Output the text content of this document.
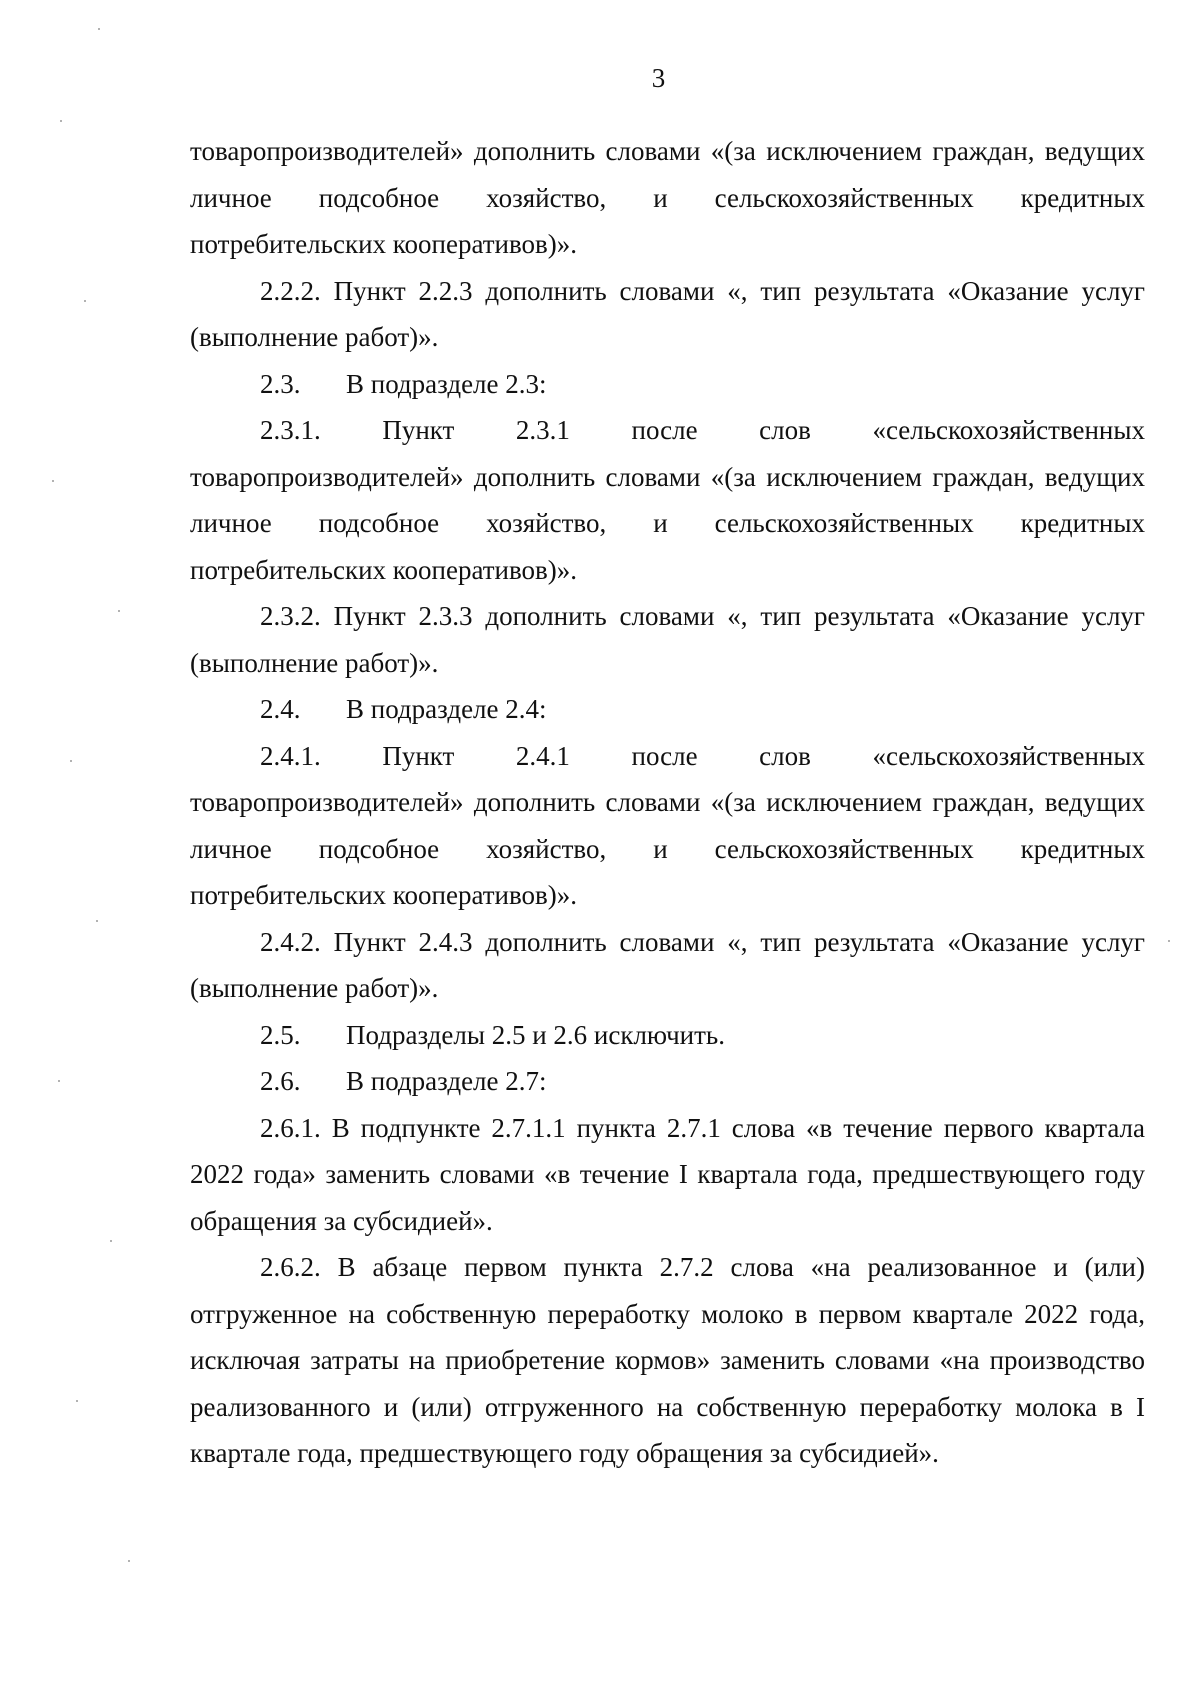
3

товаропроизводителей» дополнить словами «(за исключением граждан, ведущих личное подсобное хозяйство, и сельскохозяйственных кредитных потребительских кооперативов)».

2.2.2. Пункт 2.2.3 дополнить словами «, тип результата «Оказание услуг (выполнение работ)».

2.3. В подразделе 2.3:

2.3.1. Пункт 2.3.1 после слов «сельскохозяйственных товаропроизводителей» дополнить словами «(за исключением граждан, ведущих личное подсобное хозяйство, и сельскохозяйственных кредитных потребительских кооперативов)».

2.3.2. Пункт 2.3.3 дополнить словами «, тип результата «Оказание услуг (выполнение работ)».

2.4. В подразделе 2.4:

2.4.1. Пункт 2.4.1 после слов «сельскохозяйственных товаропроизводителей» дополнить словами «(за исключением граждан, ведущих личное подсобное хозяйство, и сельскохозяйственных кредитных потребительских кооперативов)».

2.4.2. Пункт 2.4.3 дополнить словами «, тип результата «Оказание услуг (выполнение работ)».

2.5. Подразделы 2.5 и 2.6 исключить.

2.6. В подразделе 2.7:

2.6.1. В подпункте 2.7.1.1 пункта 2.7.1 слова «в течение первого квартала 2022 года» заменить словами «в течение I квартала года, предшествующего году обращения за субсидией».

2.6.2. В абзаце первом пункта 2.7.2 слова «на реализованное и (или) отгруженное на собственную переработку молоко в первом квартале 2022 года, исключая затраты на приобретение кормов» заменить словами «на производство реализованного и (или) отгруженного на собственную переработку молока в I квартале года, предшествующего году обращения за субсидией».
